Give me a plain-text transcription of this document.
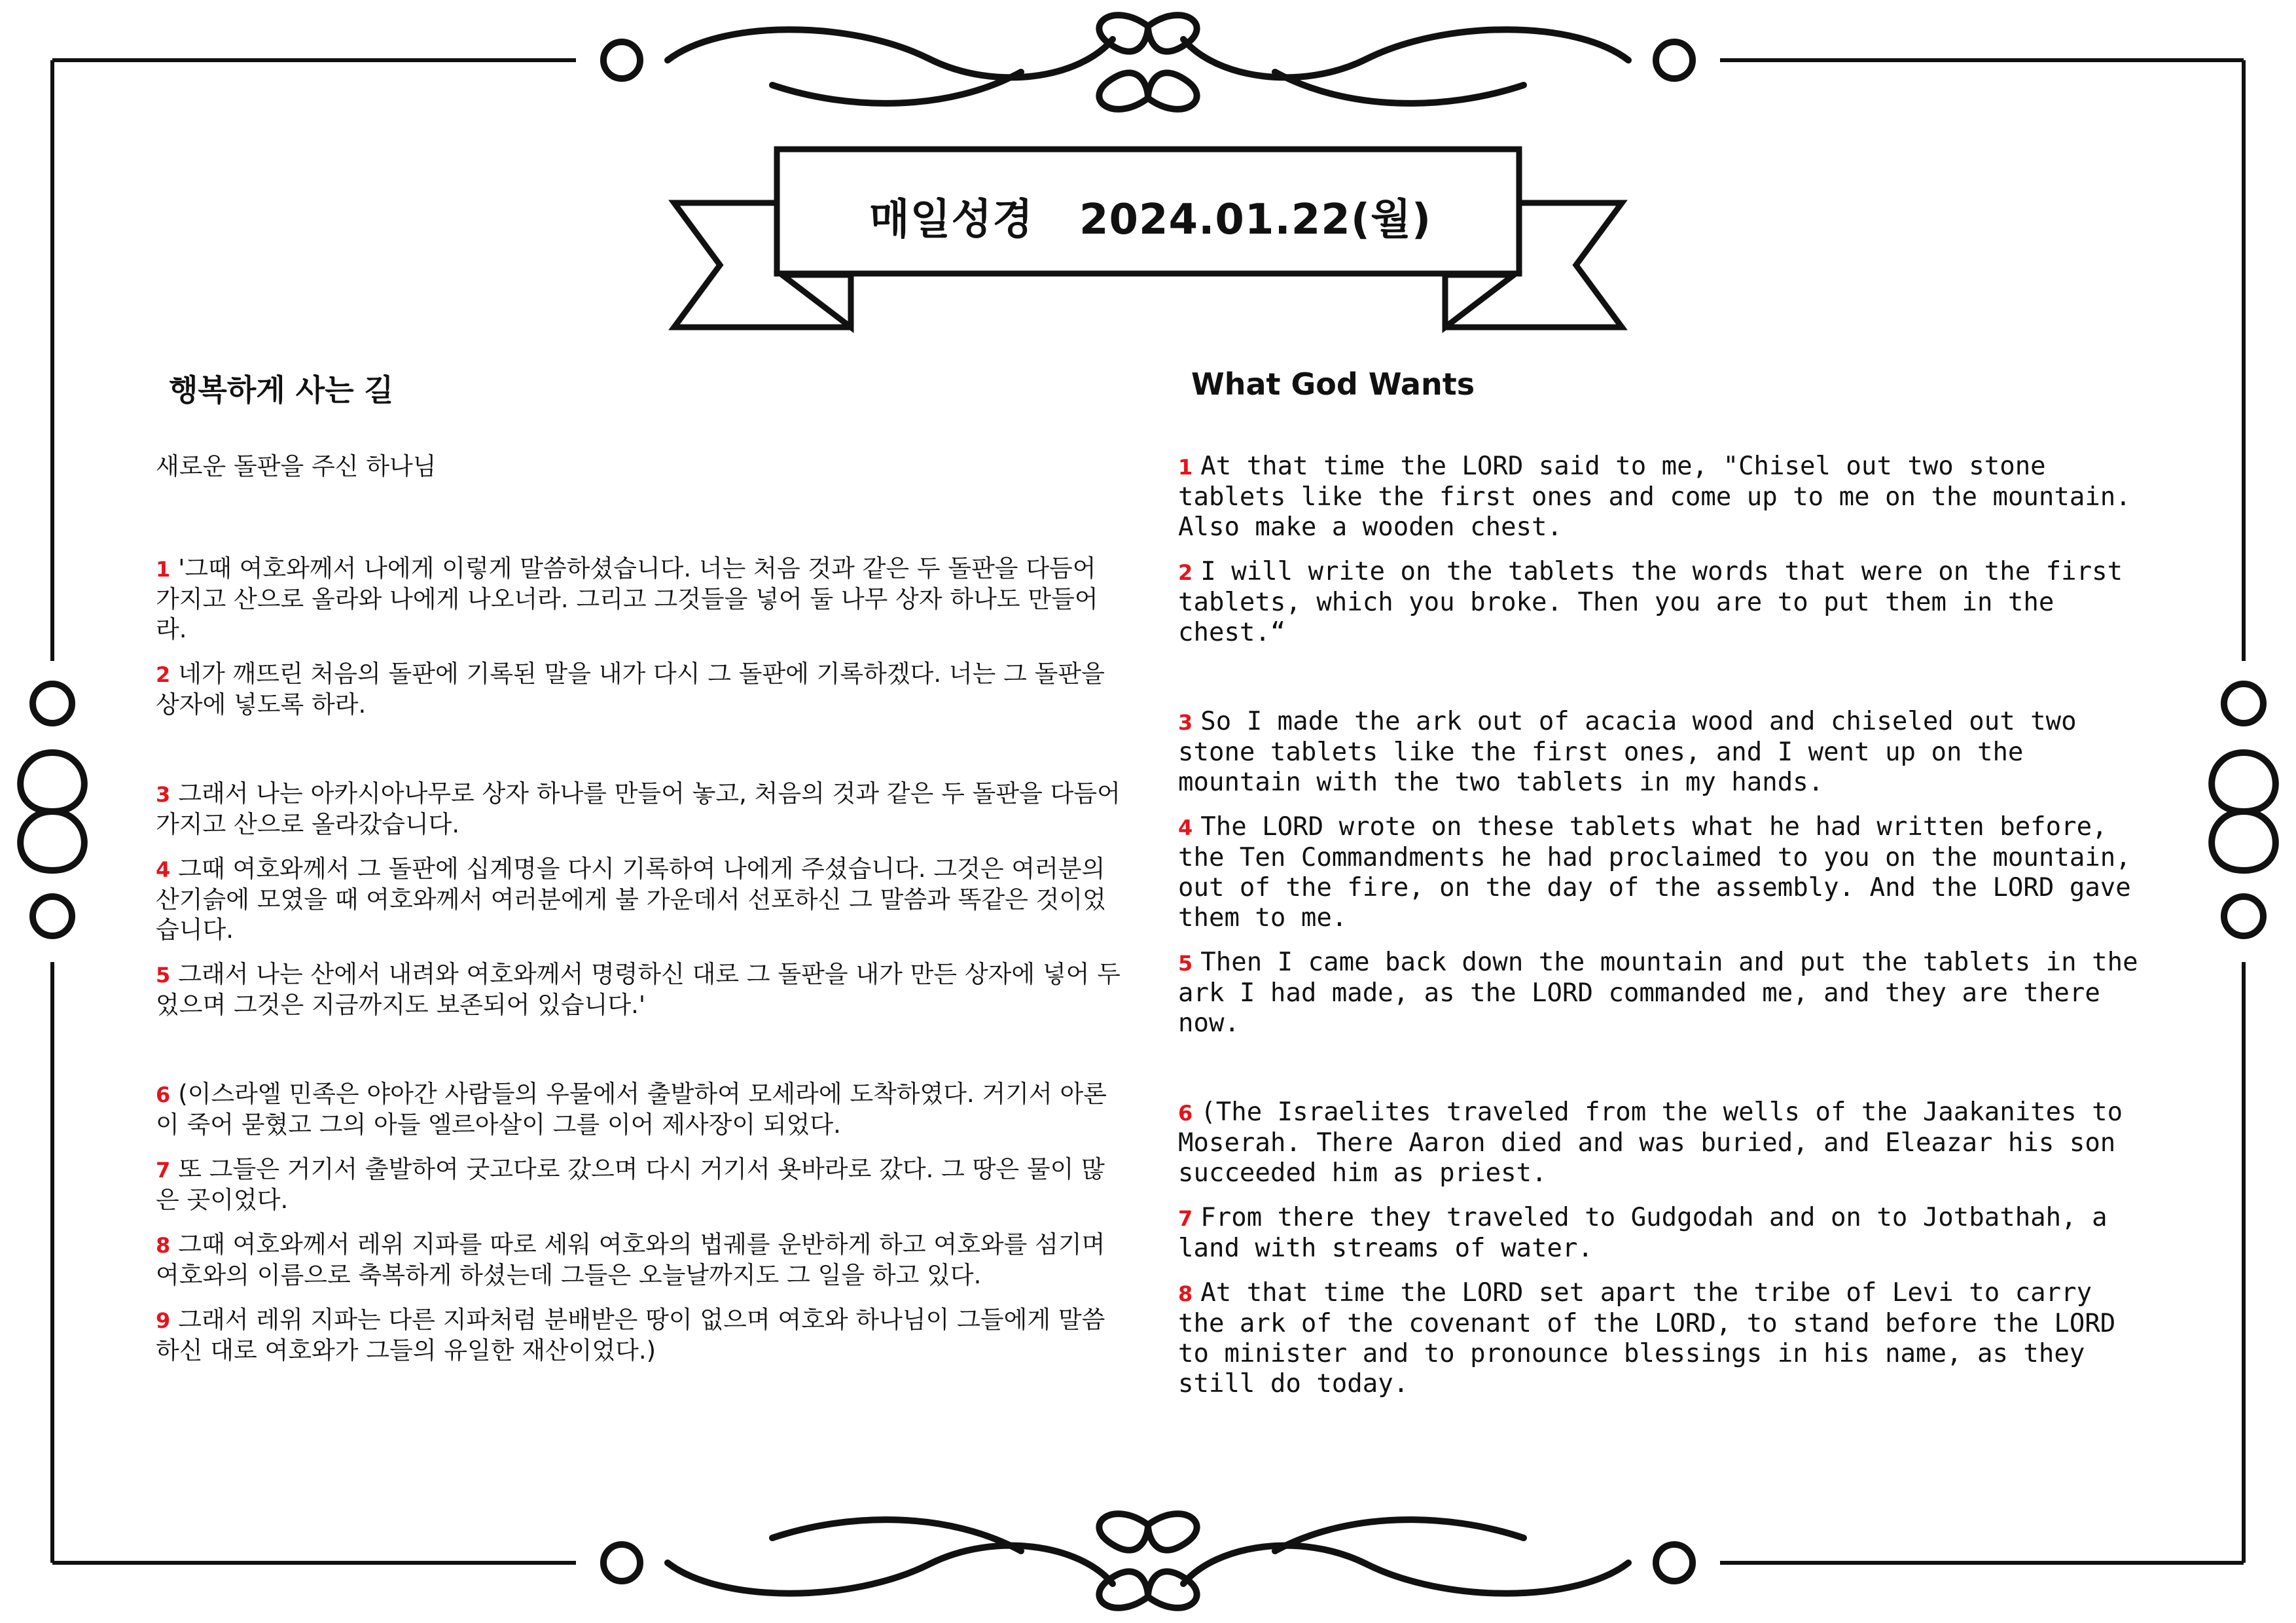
매일성경   2024.01.22(월)
행복하게 사는 길
새로운 돌판을 주신 하나님

1 '그때 여호와께서 나에게 이렇게 말씀하셨습니다. 너는 처음 것과 같은 두 돌판을 다듬어 가지고 산으로 올라와 나에게 나오너라. 그리고 그것들을 넣어 둘 나무 상자 하나도 만들어라.

2 네가 깨뜨린 처음의 돌판에 기록된 말을 내가 다시 그 돌판에 기록하겠다. 너는 그 돌판을 상자에 넣도록 하라.

3 그래서 나는 아카시아나무로 상자 하나를 만들어 놓고, 처음의 것과 같은 두 돌판을 다듬어 가지고 산으로 올라갔습니다.

4 그때 여호와께서 그 돌판에 십계명을 다시 기록하여 나에게 주셨습니다. 그것은 여러분의 산기슭에 모였을 때 여호와께서 여러분에게 불 가운데서 선포하신 그 말씀과 똑같은 것이었습니다.

5 그래서 나는 산에서 내려와 여호와께서 명령하신 대로 그 돌판을 내가 만든 상자에 넣어 두었으며 그것은 지금까지도 보존되어 있습니다.'

6 (이스라엘 민족은 야아간 사람들의 우물에서 출발하여 모세라에 도착하였다. 거기서 아론이 죽어 묻혔고 그의 아들 엘르아살이 그를 이어 제사장이 되었다.

7 또 그들은 거기서 출발하여 굿고다로 갔으며 다시 거기서 욧바라로 갔다. 그 땅은 물이 많은 곳이었다.

8 그때 여호와께서 레위 지파를 따로 세워 여호와의 법궤를 운반하게 하고 여호와를 섬기며 여호와의 이름으로 축복하게 하셨는데 그들은 오늘날까지도 그 일을 하고 있다.

9 그래서 레위 지파는 다른 지파처럼 분배받은 땅이 없으며 여호와 하나님이 그들에게 말씀하신 대로 여호와가 그들의 유일한 재산이었다.)

What God Wants

1 At that time the LORD said to me, "Chisel out two stone tablets like the first ones and come up to me on the mountain. Also make a wooden chest.

2 I will write on the tablets the words that were on the first tablets, which you broke. Then you are to put them in the chest.“

3 So I made the ark out of acacia wood and chiseled out two stone tablets like the first ones, and I went up on the mountain with the two tablets in my hands.

4 The LORD wrote on these tablets what he had written before, the Ten Commandments he had proclaimed to you on the mountain, out of the fire, on the day of the assembly. And the LORD gave them to me.

5 Then I came back down the mountain and put the tablets in the ark I had made, as the LORD commanded me, and they are there now.

6 (The Israelites traveled from the wells of the Jaakanites to Moserah. There Aaron died and was buried, and Eleazar his son succeeded him as priest.

7 From there they traveled to Gudgodah and on to Jotbathah, a land with streams of water.

8 At that time the LORD set apart the tribe of Levi to carry the ark of the covenant of the LORD, to stand before the LORD to minister and to pronounce blessings in his name, as they still do today.
